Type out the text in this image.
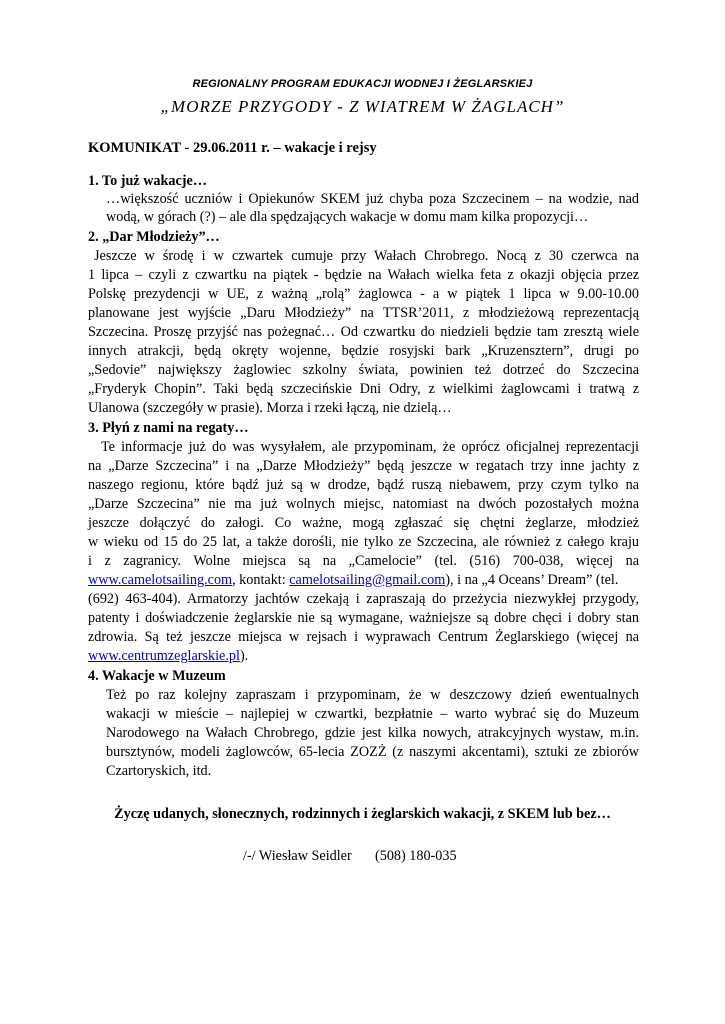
REGIONALNY PROGRAM EDUKACJI WODNEJ I ŻEGLARSKIEJ
„MORZE PRZYGODY - Z WIATREM W ŻAGLACH”
KOMUNIKAT - 29.06.2011 r. – wakacje i rejsy
1. To już wakacje…
…większość uczniów i Opiekunów SKEM już chyba poza Szczecinem – na wodzie, nad
wodą, w górach (?) – ale dla spędzających wakacje w domu mam kilka propozycji…
2. „Dar Młodzieży”…
Jeszcze w środę i w czwartek cumuje przy Wałach Chrobrego. Nocą z 30 czerwca na
1 lipca – czyli z czwartku na piątek - będzie na Wałach wielka feta z okazji objęcia przez
Polskę prezydencji w UE, z ważną „rolą” żaglowca - a w piątek 1 lipca w 9.00-10.00
planowane jest wyjście „Daru Młodzieży” na TTSR’2011, z młodzieżową reprezentacją
Szczecina. Proszę przyjść nas pożegnać… Od czwartku do niedzieli będzie tam zresztą wiele
innych atrakcji, będą okręty wojenne, będzie rosyjski bark „Kruzensztern”, drugi po
„Sedovie” największy żaglowiec szkolny świata, powinien też dotrzeć do Szczecina
„Fryderyk Chopin”. Taki będą szczecińskie Dni Odry, z wielkimi żaglowcami i tratwą z
Ulanowa (szczegóły w prasie). Morza i rzeki łączą, nie dzielą…
3. Płyń z nami na regaty…
Te informacje już do was wysyłałem, ale przypominam, że oprócz oficjalnej reprezentacji
na „Darze Szczecina” i na „Darze Młodzieży” będą jeszcze w regatach trzy inne jachty z
naszego regionu, które bądź już są w drodze, bądź ruszą niebawem, przy czym tylko na
„Darze Szczecina” nie ma już wolnych miejsc, natomiast na dwóch pozostałych można
jeszcze dołączyć do załogi. Co ważne, mogą zgłaszać się chętni żeglarze, młodzież
w wieku od 15 do 25 lat, a także dorośli, nie tylko ze Szczecina, ale również z całego kraju
i z zagranicy. Wolne miejsca są na „Camelocie” (tel. (516) 700-038, więcej na
www.camelotsailing.com, kontakt: camelotsailing@gmail.com), i na „4 Oceans’ Dream” (tel.
(692) 463-404). Armatorzy jachtów czekają i zapraszają do przeżycia niezwykłej przygody,
patenty i doświadczenie żeglarskie nie są wymagane, ważniejsze są dobre chęci i dobry stan
zdrowia. Są też jeszcze miejsca w rejsach i wyprawach Centrum Żeglarskiego (więcej na
www.centrumzeglarskie.pl).
4. Wakacje w Muzeum
Też po raz kolejny zapraszam i przypominam, że w deszczowy dzień ewentualnych
wakacji w mieście – najlepiej w czwartki, bezpłatnie – warto wybrać się do Muzeum
Narodowego na Wałach Chrobrego, gdzie jest kilka nowych, atrakcyjnych wystaw, m.in.
bursztynów, modeli żaglowców, 65-lecia ZOZŻ (z naszymi akcentami), sztuki ze zbiorów
Czartoryskich, itd.
Życzę udanych, słonecznych, rodzinnych i żeglarskich wakacji, z SKEM lub bez…
/-/ Wiesław Seidler (508) 180-035
